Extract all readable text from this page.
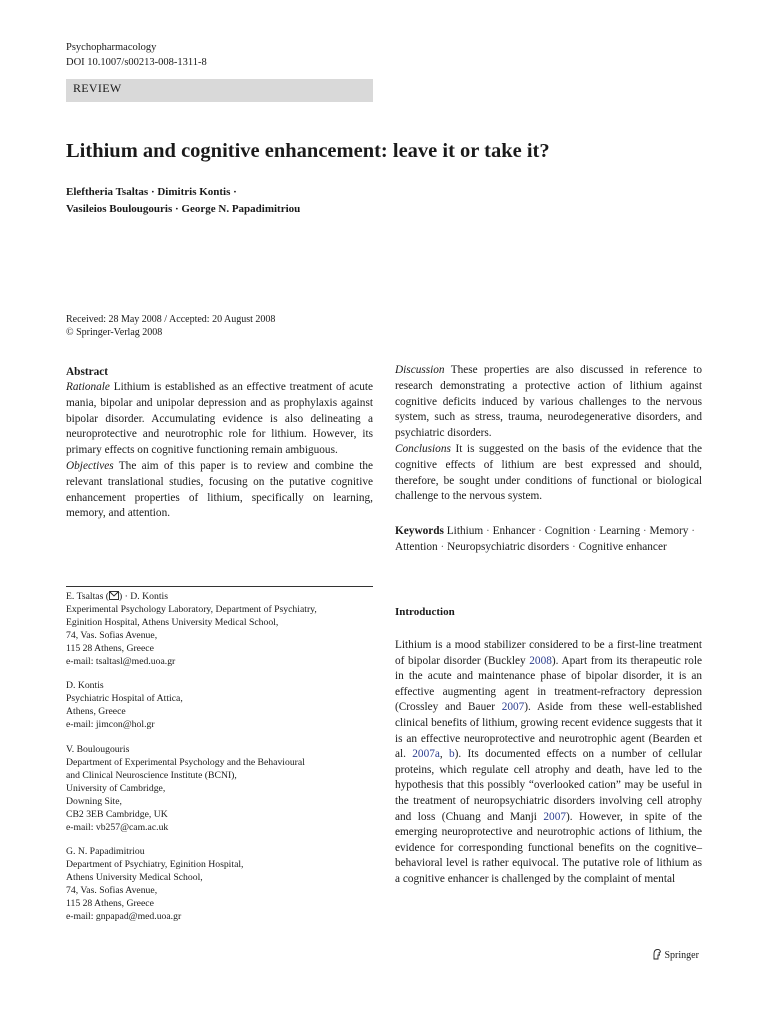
Psychopharmacology
DOI 10.1007/s00213-008-1311-8
REVIEW
Lithium and cognitive enhancement: leave it or take it?
Eleftheria Tsaltas · Dimitris Kontis ·
Vasileios Boulougouris · George N. Papadimitriou
Received: 28 May 2008 / Accepted: 20 August 2008
© Springer-Verlag 2008
Abstract
Rationale Lithium is established as an effective treatment of acute mania, bipolar and unipolar depression and as prophylaxis against bipolar disorder. Accumulating evidence is also delineating a neuroprotective and neurotrophic role for lithium. However, its primary effects on cognitive functioning remain ambiguous.
Objectives The aim of this paper is to review and combine the relevant translational studies, focusing on the putative cognitive enhancement properties of lithium, specifically on learning, memory, and attention.
Discussion These properties are also discussed in reference to research demonstrating a protective action of lithium against cognitive deficits induced by various challenges to the nervous system, such as stress, trauma, neurodegenerative disorders, and psychiatric disorders.
Conclusions It is suggested on the basis of the evidence that the cognitive effects of lithium are best expressed and should, therefore, be sought under conditions of functional or biological challenge to the nervous system.
Keywords Lithium · Enhancer · Cognition · Learning · Memory · Attention · Neuropsychiatric disorders · Cognitive enhancer
E. Tsaltas ( ) · D. Kontis
Experimental Psychology Laboratory, Department of Psychiatry,
Eginition Hospital, Athens University Medical School,
74, Vas. Sofias Avenue,
115 28 Athens, Greece
e-mail: tsaltasl@med.uoa.gr
D. Kontis
Psychiatric Hospital of Attica,
Athens, Greece
e-mail: jimcon@hol.gr
V. Boulougouris
Department of Experimental Psychology and the Behavioural
and Clinical Neuroscience Institute (BCNI),
University of Cambridge,
Downing Site,
CB2 3EB Cambridge, UK
e-mail: vb257@cam.ac.uk
G. N. Papadimitriou
Department of Psychiatry, Eginition Hospital,
Athens University Medical School,
74, Vas. Sofias Avenue,
115 28 Athens, Greece
e-mail: gnpapad@med.uoa.gr
Introduction
Lithium is a mood stabilizer considered to be a first-line treatment of bipolar disorder (Buckley 2008). Apart from its therapeutic role in the acute and maintenance phase of bipolar disorder, it is an effective augmenting agent in treatment-refractory depression (Crossley and Bauer 2007). Aside from these well-established clinical benefits of lithium, growing recent evidence suggests that it is an effective neuroprotective and neurotrophic agent (Bearden et al. 2007a, b). Its documented effects on a number of cellular proteins, which regulate cell atrophy and death, have led to the hypothesis that this possibly “overlooked cation” may be useful in the treatment of neuropsychiatric disorders involving cell atrophy and loss (Chuang and Manji 2007). However, in spite of the emerging neuroprotective and neurotrophic actions of lithium, the evidence for corresponding functional benefits on the cognitive–behavioral level is rather equivocal. The putative role of lithium as a cognitive enhancer is challenged by the complaint of mental
Springer
